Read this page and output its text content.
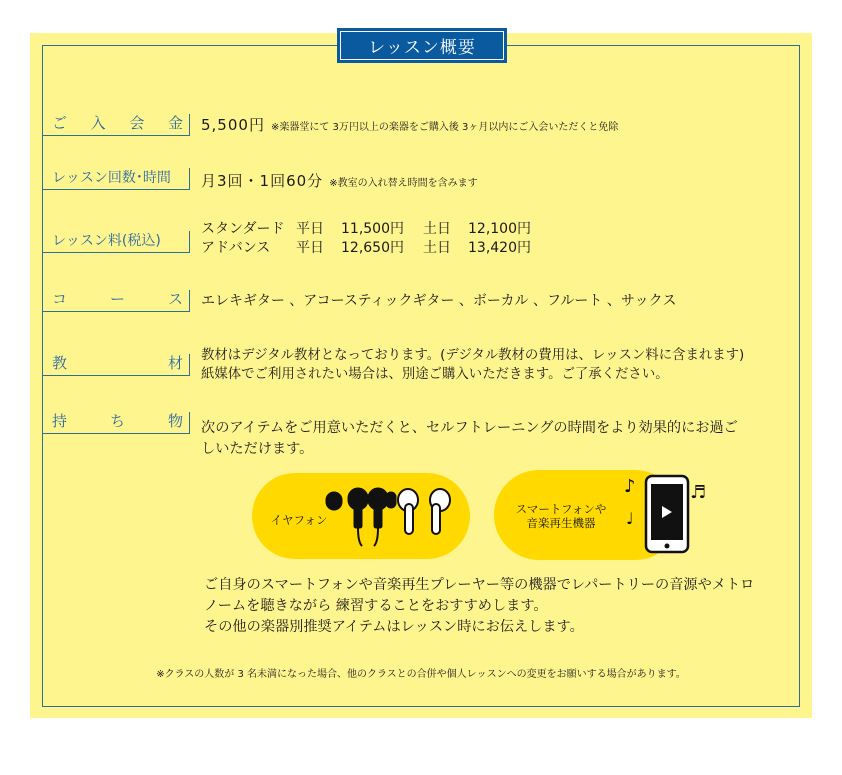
レッスン概要
ご 入 会 金 5,500円 ※楽器堂にて 3万円以上の楽器をご購入後 3ヶ月以内にご入会いただくと免除
レッスン回数･時間 月3回・1回60分 ※教室の入れ替え時間を含みます
レッスン料(税込)
スタンダード 平日	11,500円	土日	12,100円
アドバンス	平日	12,650円	土日	13,420円
コ	ー	ス エレキギター 、アコースティックギター 、ボーカル 、フルート 、サックス
教	材 教材はデジタル教材となっております。(デジタル教材の費用は、レッスン料に含まれます)
紙媒体でご利用されたい場合は、別途ご購入いただきます。ご了承ください。
持	ち	物 次のアイテムをご用意いただくと、セルフトレーニングの時間をより効果的にお過ご
しいただけます。
イヤフォン
スマートフォンや
音楽再生機器
♪
♩
♬
ご自身のスマートフォンや音楽再生プレーヤー等の機器でレパートリーの音源やメトロ
ノームを聴きながら 練習することをおすすめします。
その他の楽器別推奨アイテムはレッスン時にお伝えします。
※クラスの人数が 3 名未満になった場合、他のクラスとの合併や個人レッスンへの変更をお願いする場合があります。
